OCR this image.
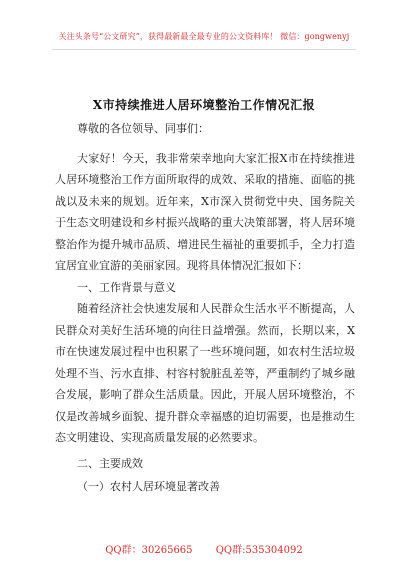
关注头条号“公文研究”，获得最新最全最专业的公文资料库！ 微信：gongwenyj
X市持续推进人居环境整治工作情况汇报

尊敬的各位领导、同事们：

大家好！今天，我非常荣幸地向大家汇报X市在持续推进人居环境整治工作方面所取得的成效、采取的措施、面临的挑战以及未来的规划。近年来，X市深入贯彻党中央、国务院关于生态文明建设和乡村振兴战略的重大决策部署，将人居环境整治作为提升城市品质、增进民生福祉的重要抓手，全力打造宜居宜业宜游的美丽家园。现将具体情况汇报如下：

一、工作背景与意义

随着经济社会快速发展和人民群众生活水平不断提高，人民群众对美好生活环境的向往日益增强。然而，长期以来，X市在快速发展过程中也积累了一些环境问题，如农村生活垃圾处理不当、污水直排、村容村貌脏乱差等，严重制约了城乡融合发展，影响了群众生活质量。因此，开展人居环境整治，不仅是改善城乡面貌、提升群众幸福感的迫切需要，也是推动生态文明建设、实现高质量发展的必然要求。

二、主要成效

（一）农村人居环境显著改善

QQ群：30265665 QQ群:535304092
